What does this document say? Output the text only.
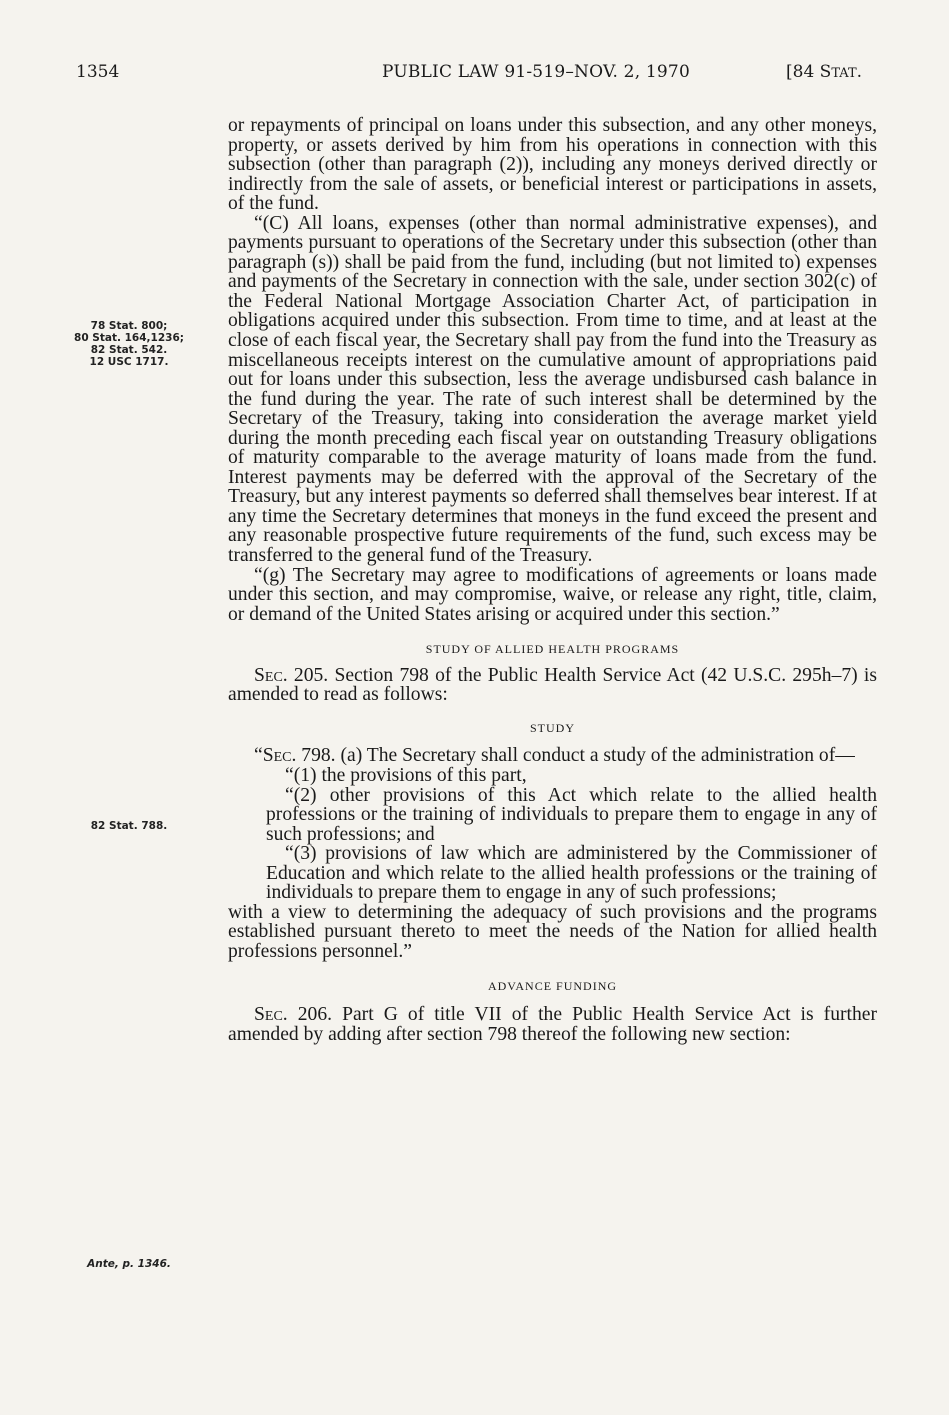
1354	PUBLIC LAW 91-519–NOV. 2, 1970	[84 STAT.
78 Stat. 800;
80 Stat. 164,1236;
82 Stat. 542.
12 USC 1717.
82 Stat. 788.
Ante, p. 1346.

or repayments of principal on loans under this subsection, and any other moneys, property, or assets derived by him from his operations in connection with this subsection (other than paragraph (2)), including any moneys derived directly or indirectly from the sale of assets, or beneficial interest or participations in assets, of the fund.

“(C) All loans, expenses (other than normal administrative expenses), and payments pursuant to operations of the Secretary under this subsection (other than paragraph (s)) shall be paid from the fund, including (but not limited to) expenses and payments of the Secretary in connection with the sale, under section 302(c) of the Federal National Mortgage Association Charter Act, of participation in obligations acquired under this subsection. From time to time, and at least at the close of each fiscal year, the Secretary shall pay from the fund into the Treasury as miscellaneous receipts interest on the cumulative amount of appropriations paid out for loans under this subsection, less the average undisbursed cash balance in the fund during the year. The rate of such interest shall be determined by the Secretary of the Treasury, taking into consideration the average market yield during the month preceding each fiscal year on outstanding Treasury obligations of maturity comparable to the average maturity of loans made from the fund. Interest payments may be deferred with the approval of the Secretary of the Treasury, but any interest payments so deferred shall themselves bear interest. If at any time the Secretary determines that moneys in the fund exceed the present and any reasonable prospective future requirements of the fund, such excess may be transferred to the general fund of the Treasury.

“(g) The Secretary may agree to modifications of agreements or loans made under this section, and may compromise, waive, or release any right, title, claim, or demand of the United States arising or acquired under this section.”

STUDY OF ALLIED HEALTH PROGRAMS

Sec. 205. Section 798 of the Public Health Service Act (42 U.S.C. 295h–7) is amended to read as follows:

STUDY

“Sec. 798. (a) The Secretary shall conduct a study of the administration of—

“(1) the provisions of this part,

“(2) other provisions of this Act which relate to the allied health professions or the training of individuals to prepare them to engage in any of such professions; and

“(3) provisions of law which are administered by the Commissioner of Education and which relate to the allied health professions or the training of individuals to prepare them to engage in any of such professions;

with a view to determining the adequacy of such provisions and the programs established pursuant thereto to meet the needs of the Nation for allied health professions personnel.”

ADVANCE FUNDING

Sec. 206. Part G of title VII of the Public Health Service Act is further amended by adding after section 798 thereof the following new section:
